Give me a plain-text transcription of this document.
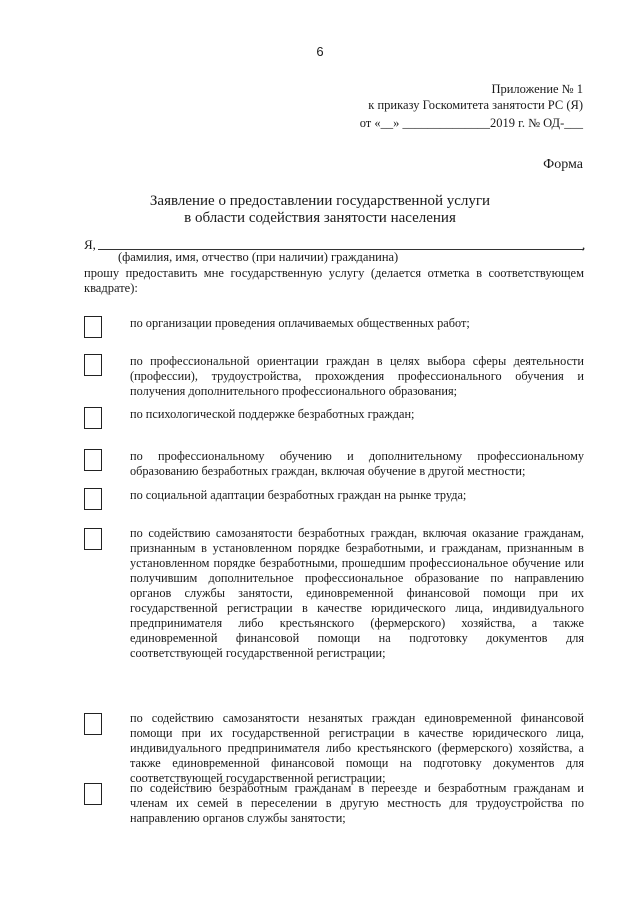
6
Приложение № 1
к приказу Госкомитета занятости РС (Я)
от «__» ______________2019 г. № ОД-___
Форма
Заявление о предоставлении государственной услуги
в области содействия занятости населения
Я,	,
(фамилия, имя, отчество (при наличии) гражданина)
прошу предоставить мне государственную услугу (делается отметка в соответствующем квадрате):
по организации проведения оплачиваемых общественных работ;
по профессиональной ориентации граждан в целях выбора сферы деятельности (профессии), трудоустройства, прохождения профессионального обучения и получения дополнительного профессионального образования;
по психологической поддержке безработных граждан;
по профессиональному обучению и дополнительному профессиональному образованию безработных граждан, включая обучение в другой местности;
по социальной адаптации безработных граждан на рынке труда;
по содействию самозанятости безработных граждан, включая оказание гражданам, признанным в установленном порядке безработными, и гражданам, признанным в установленном порядке безработными, прошедшим профессиональное обучение или получившим дополнительное профессиональное образование по направлению органов службы занятости, единовременной финансовой помощи при их государственной регистрации в качестве юридического лица, индивидуального предпринимателя либо крестьянского (фермерского) хозяйства, а также единовременной финансовой помощи на подготовку документов для соответствующей государственной регистрации;
по содействию самозанятости незанятых граждан единовременной финансовой помощи при их государственной регистрации в качестве юридического лица, индивидуального предпринимателя либо крестьянского (фермерского) хозяйства, а также единовременной финансовой помощи на подготовку документов для соответствующей государственной регистрации;
по содействию безработным гражданам в переезде и безработным гражданам и членам их семей в переселении в другую местность для трудоустройства по направлению органов службы занятости;
